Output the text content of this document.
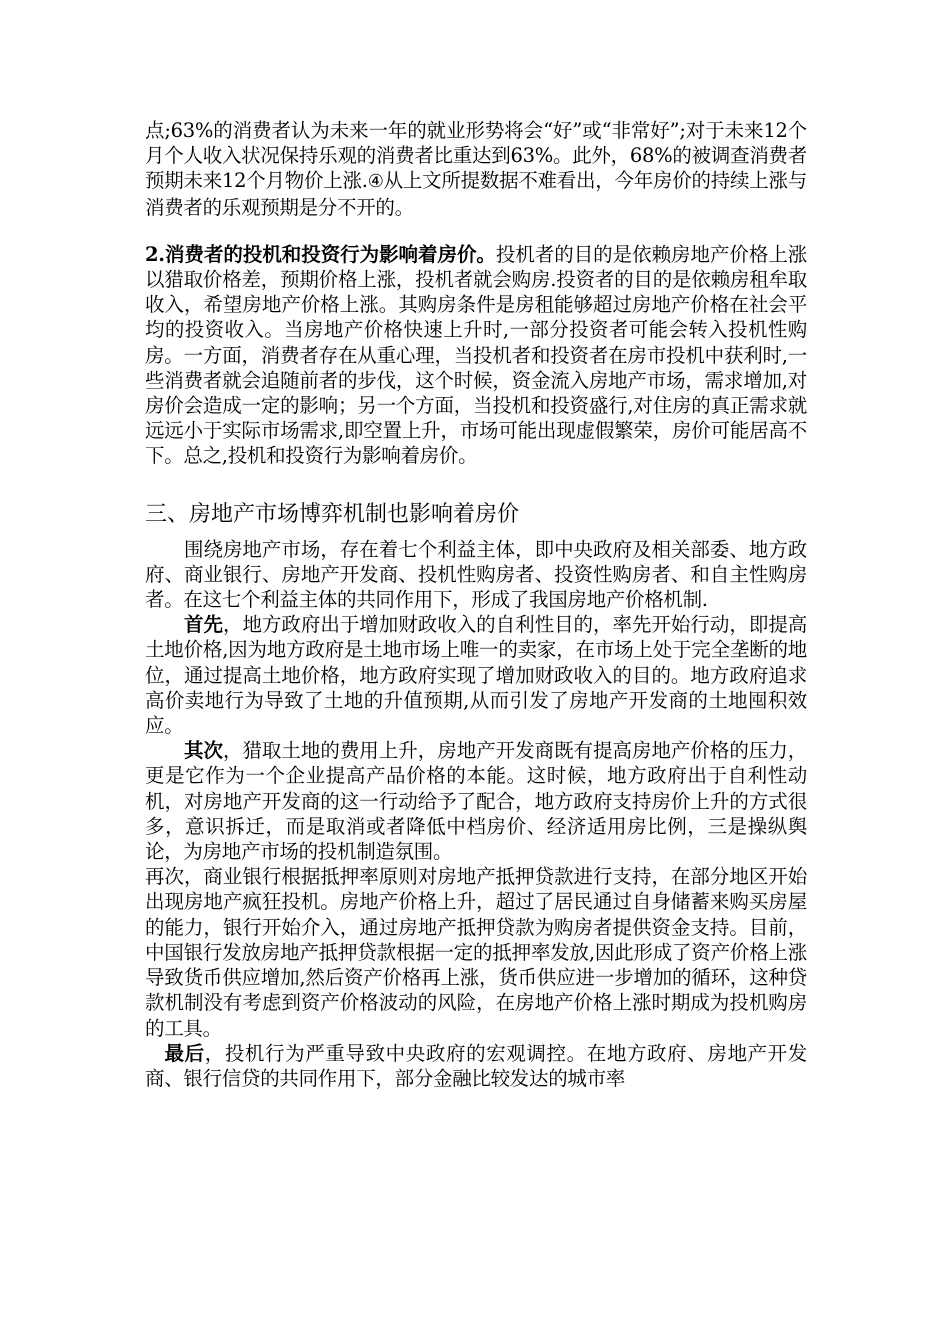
点;63%的消费者认为未来一年的就业形势将会“好”或“非常好”;对于未来12个月个人收入状况保持乐观的消费者比重达到63%。此外，68%的被调查消费者预期未来12个月物价上涨.④从上文所提数据不难看出，今年房价的持续上涨与消费者的乐观预期是分不开的。

2.消费者的投机和投资行为影响着房价。投机者的目的是依赖房地产价格上涨以猎取价格差，预期价格上涨，投机者就会购房.投资者的目的是依赖房租牟取收入，希望房地产价格上涨。其购房条件是房租能够超过房地产价格在社会平均的投资收入。当房地产价格快速上升时,一部分投资者可能会转入投机性购房。一方面，消费者存在从重心理，当投机者和投资者在房市投机中获利时,一些消费者就会追随前者的步伐，这个时候，资金流入房地产市场，需求增加,对房价会造成一定的影响；另一个方面，当投机和投资盛行,对住房的真正需求就远远小于实际市场需求,即空置上升，市场可能出现虚假繁荣，房价可能居高不下。总之,投机和投资行为影响着房价。

三、房地产市场博弈机制也影响着房价

围绕房地产市场，存在着七个利益主体，即中央政府及相关部委、地方政府、商业银行、房地产开发商、投机性购房者、投资性购房者、和自主性购房者。在这七个利益主体的共同作用下，形成了我国房地产价格机制.

首先，地方政府出于增加财政收入的自利性目的，率先开始行动，即提高土地价格,因为地方政府是土地市场上唯一的卖家，在市场上处于完全垄断的地位，通过提高土地价格，地方政府实现了增加财政收入的目的。地方政府追求高价卖地行为导致了土地的升值预期,从而引发了房地产开发商的土地囤积效应。

其次，猎取土地的费用上升，房地产开发商既有提高房地产价格的压力，更是它作为一个企业提高产品价格的本能。这时候，地方政府出于自利性动机，对房地产开发商的这一行动给予了配合，地方政府支持房价上升的方式很多，意识拆迁，而是取消或者降低中档房价、经济适用房比例，三是操纵舆论，为房地产市场的投机制造氛围。

再次，商业银行根据抵押率原则对房地产抵押贷款进行支持，在部分地区开始出现房地产疯狂投机。房地产价格上升，超过了居民通过自身储蓄来购买房屋的能力，银行开始介入，通过房地产抵押贷款为购房者提供资金支持。目前，中国银行发放房地产抵押贷款根据一定的抵押率发放,因此形成了资产价格上涨导致货币供应增加,然后资产价格再上涨，货币供应进一步增加的循环，这种贷款机制没有考虑到资产价格波动的风险，在房地产价格上涨时期成为投机购房的工具。

最后，投机行为严重导致中央政府的宏观调控。在地方政府、房地产开发商、银行信贷的共同作用下，部分金融比较发达的城市率
